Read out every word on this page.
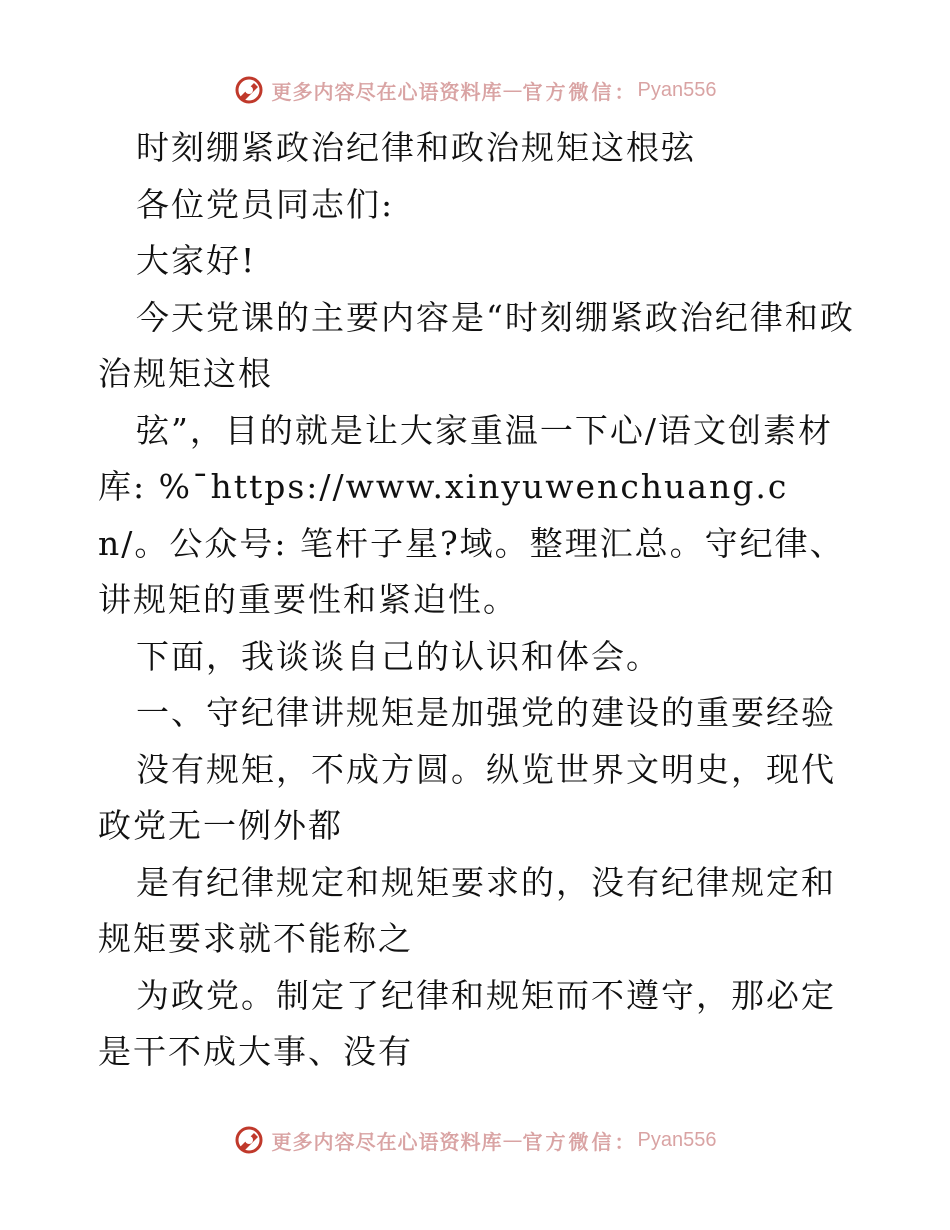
更多内容尽在心语资料库 — 官方微信： Pyan556

时刻绷紧政治纪律和政治规矩这根弦

各位党员同志们:

大家好!

今天党课的主要内容是“时刻绷紧政治纪律和政治规矩这根

弦”，目的就是让大家重温一下心/语文创素材库: %¯https://www.xinyuwenchuang.cn/。公众号: 笔杆子星?域。整理汇总。守纪律、讲规矩的重要性和紧迫性。

下面，我谈谈自己的认识和体会。

一、守纪律讲规矩是加强党的建设的重要经验

没有规矩，不成方圆。纵览世界文明史，现代政党无一例外都

是有纪律规定和规矩要求的，没有纪律规定和规矩要求就不能称之

为政党。制定了纪律和规矩而不遵守，那必定是干不成大事、没有

更多内容尽在心语资料库 — 官方微信： Pyan556
